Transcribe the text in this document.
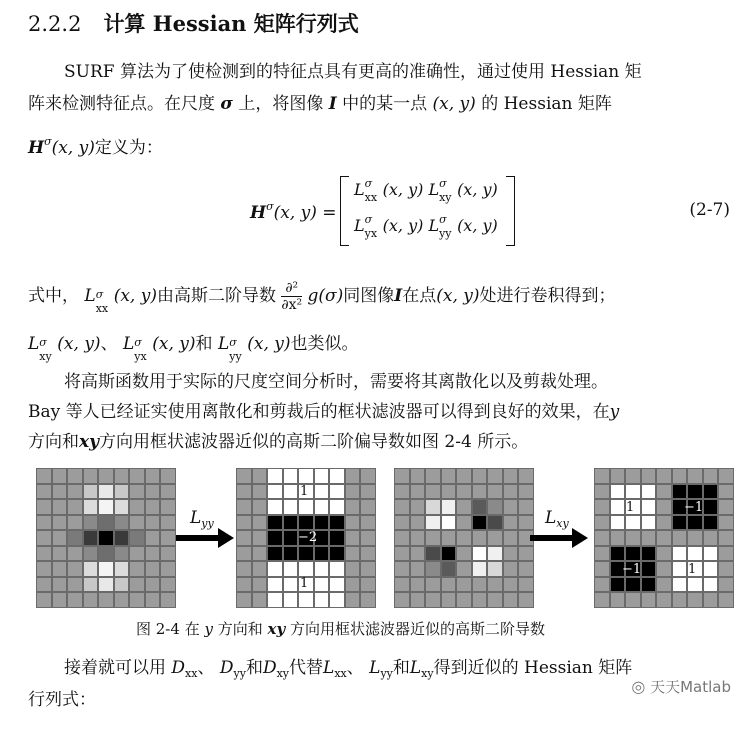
2.2.2 计算 Hessian 矩阵行列式
SURF 算法为了使检测到的特征点具有更高的准确性，通过使用 Hessian 矩
阵来检测特征点。在尺度 σ 上，将图像 I 中的某一点 (x, y) 的 Hessian 矩阵
$H^\sigma(x$, y)定义为：
$H^\sigma(x$, y) =
L σ
xx (x, y) L σ
xy (x, y)
L σ
yx (x, y) L σ
yy (x, y)
(2-7)
式中， L σ
xx
(x, y)由高斯二阶导数 ∂²
∂x² g(σ)同图像I在点(x, y)处进行卷积得到；
L σ
xy
(x, y)、 L σ
yx
(x, y)和 L σ
yy
(x, y)也类似。
将高斯函数用于实际的尺度空间分析时，需要将其离散化以及剪裁处理。
Bay 等人已经证实使用离散化和剪裁后的框状滤波器可以得到良好的效果，在y
方向和xy方向用框状滤波器近似的高斯二阶偏导数如图 2-4 所示。
1
−2
1
1	−1
−1	1
$L_{yy}$	$L_{xy}$
图 2-4 在 y 方向和 xy 方向用框状滤波器近似的高斯二阶导数
接着就可以用 $D_{xx}$、 $D_{yy}$和$D_{xy}$代替$L_{xx}$、 $L_{yy}$和$L_{xy}$得到近似的 Hessian 矩阵
行列式：
◎ 天天Matlab
